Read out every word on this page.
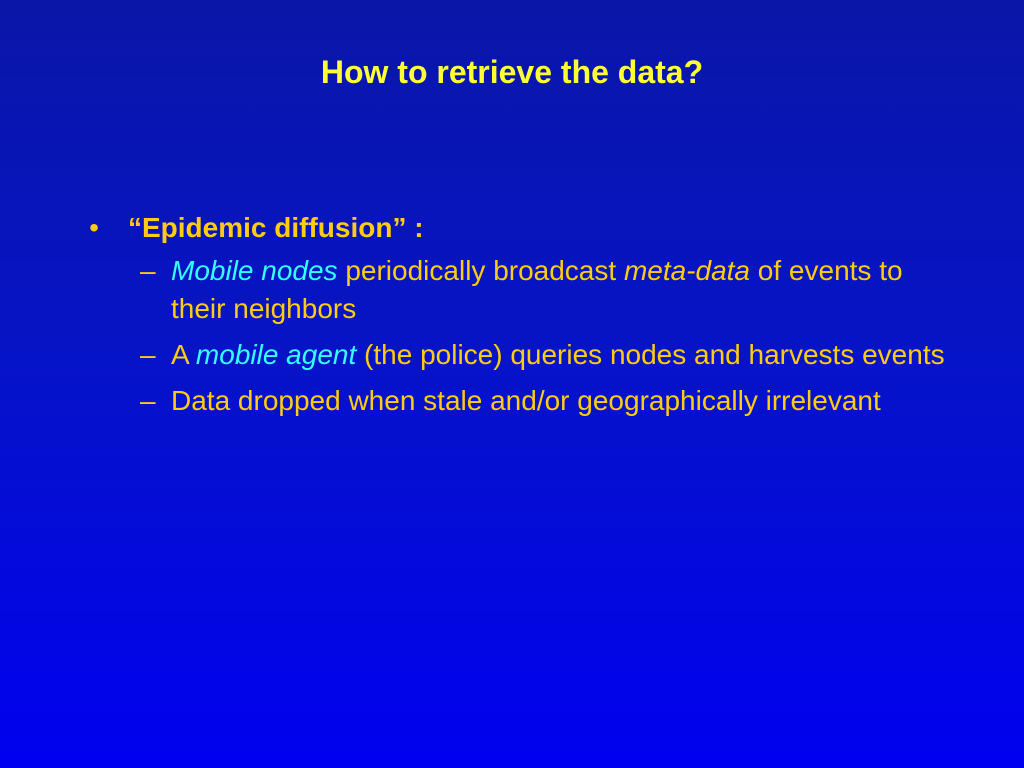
How to retrieve the data?
• “Epidemic diffusion” :
– Mobile nodes periodically broadcast meta-data of events to their neighbors
– A mobile agent (the police) queries nodes and harvests events
– Data dropped when stale and/or geographically irrelevant
